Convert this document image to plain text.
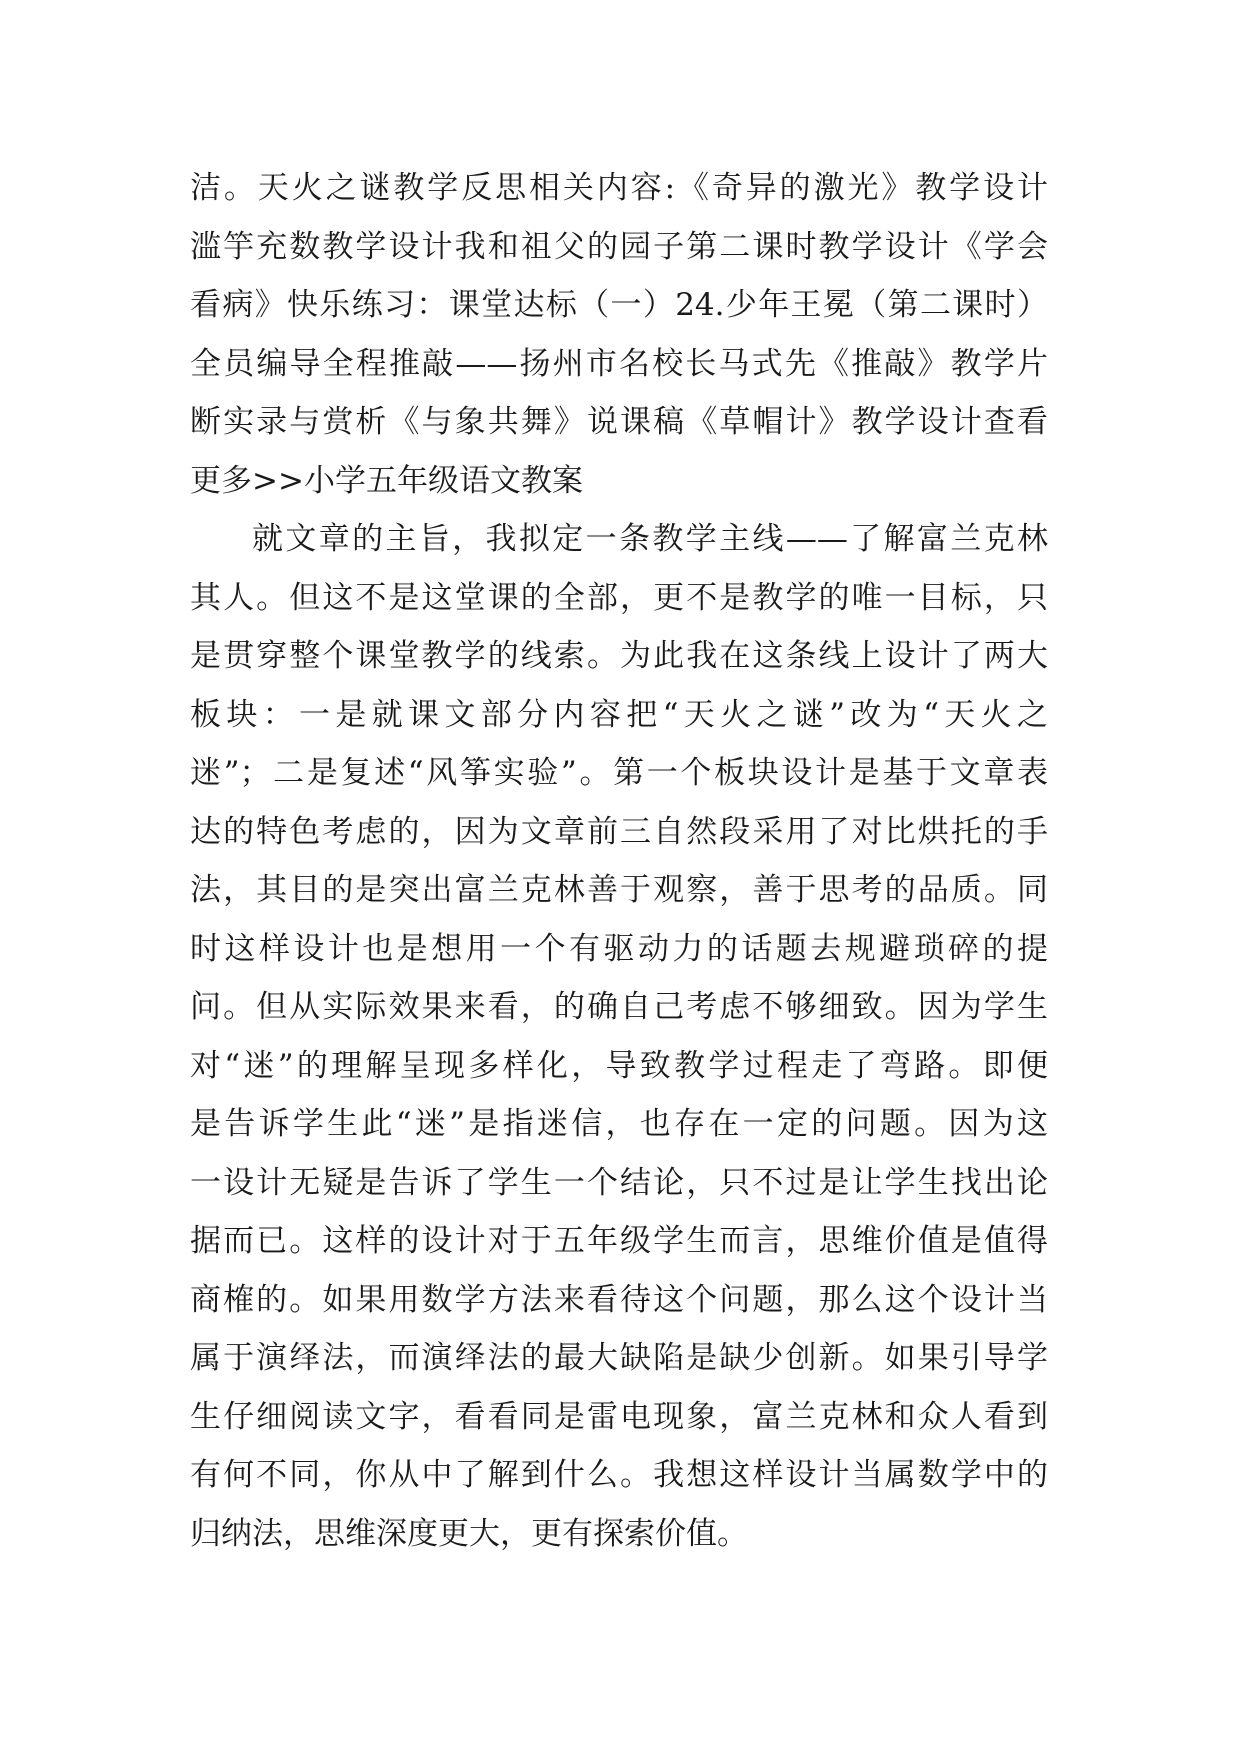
洁。天火之谜教学反思相关内容:《奇异的激光》教学设计
滥竽充数教学设计我和祖父的园子第二课时教学设计《学会
看病》快乐练习：课堂达标（一）24.少年王冕（第二课时）
全员编导全程推敲——扬州市名校长马式先《推敲》教学片
断实录与赏析《与象共舞》说课稿《草帽计》教学设计查看
更多>>小学五年级语文教案
就文章的主旨，我拟定一条教学主线——了解富兰克林
其人。但这不是这堂课的全部，更不是教学的唯一目标，只
是贯穿整个课堂教学的线索。为此我在这条线上设计了两大
板块：一是就课文部分内容把“天火之谜”改为“天火之
迷”；二是复述“风筝实验”。第一个板块设计是基于文章表
达的特色考虑的，因为文章前三自然段采用了对比烘托的手
法，其目的是突出富兰克林善于观察，善于思考的品质。同
时这样设计也是想用一个有驱动力的话题去规避琐碎的提
问。但从实际效果来看，的确自己考虑不够细致。因为学生
对“迷”的理解呈现多样化，导致教学过程走了弯路。即便
是告诉学生此“迷”是指迷信，也存在一定的问题。因为这
一设计无疑是告诉了学生一个结论，只不过是让学生找出论
据而已。这样的设计对于五年级学生而言，思维价值是值得
商榷的。如果用数学方法来看待这个问题，那么这个设计当
属于演绎法，而演绎法的最大缺陷是缺少创新。如果引导学
生仔细阅读文字，看看同是雷电现象，富兰克林和众人看到
有何不同，你从中了解到什么。我想这样设计当属数学中的
归纳法，思维深度更大，更有探索价值。
